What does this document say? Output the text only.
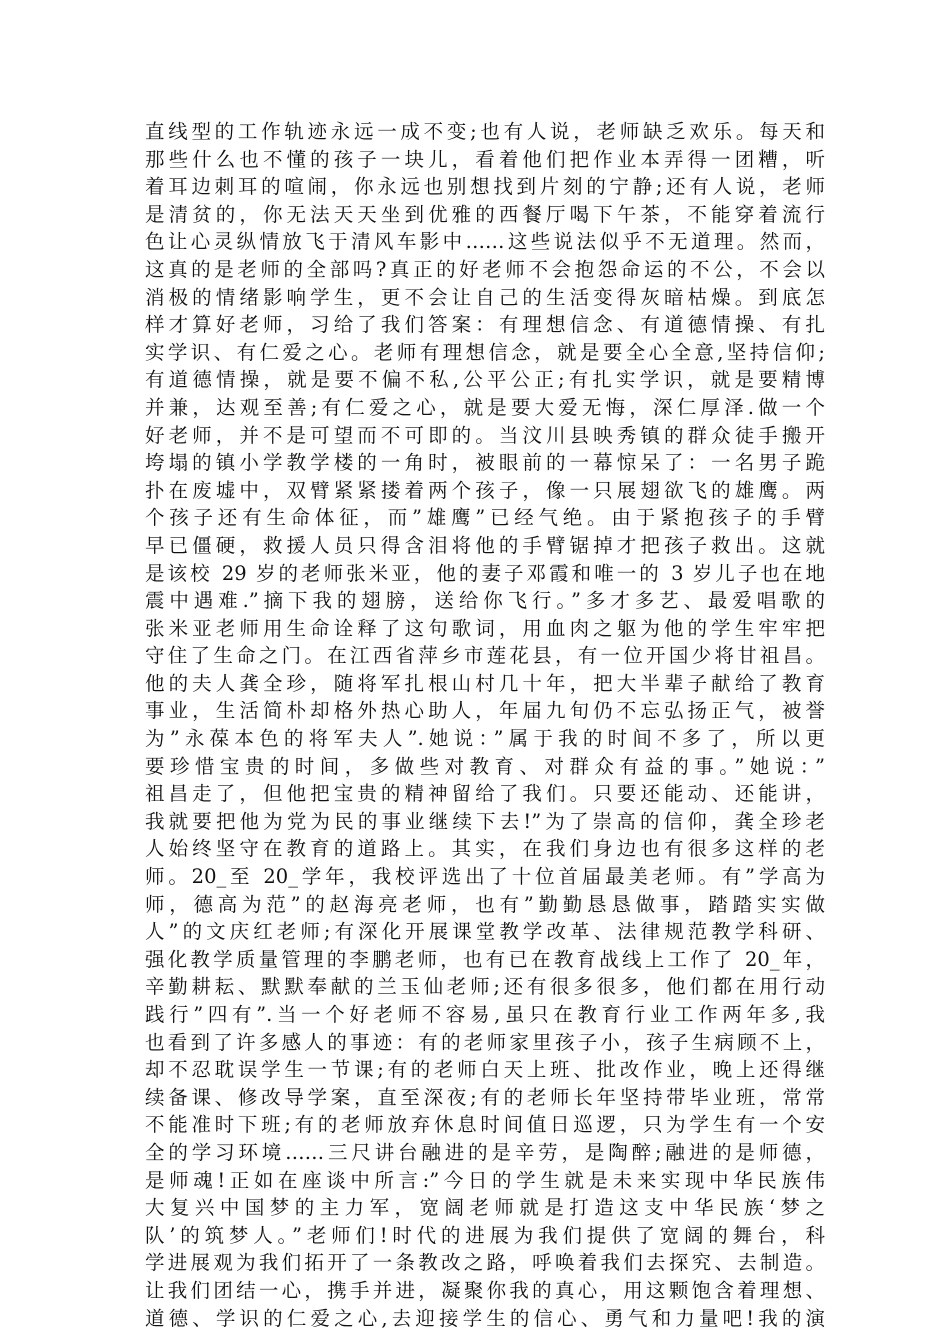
直线型的工作轨迹永远一成不变;也有人说，老师缺乏欢乐。每天和
那些什么也不懂的孩子一块儿，看着他们把作业本弄得一团糟，听
着耳边刺耳的喧闹，你永远也别想找到片刻的宁静;还有人说，老师
是清贫的，你无法天天坐到优雅的西餐厅喝下午茶，不能穿着流行
色让心灵纵情放飞于清风车影中……这些说法似乎不无道理。然而，
这真的是老师的全部吗?真正的好老师不会抱怨命运的不公，不会以
消极的情绪影响学生，更不会让自己的生活变得灰暗枯燥。到底怎
样才算好老师，习给了我们答案：有理想信念、有道德情操、有扎
实学识、有仁爱之心。老师有理想信念，就是要全心全意,坚持信仰;
有道德情操，就是要不偏不私,公平公正;有扎实学识，就是要精博
并兼，达观至善;有仁爱之心，就是要大爱无悔，深仁厚泽.做一个
好老师，并不是可望而不可即的。当汶川县映秀镇的群众徒手搬开
垮塌的镇小学教学楼的一角时，被眼前的一幕惊呆了：一名男子跪
扑在废墟中，双臂紧紧搂着两个孩子，像一只展翅欲飞的雄鹰。两
个孩子还有生命体征，而”雄鹰”已经气绝。由于紧抱孩子的手臂
早已僵硬，救援人员只得含泪将他的手臂锯掉才把孩子救出。这就
是该校 29 岁的老师张米亚，他的妻子邓霞和唯一的 3 岁儿子也在地
震中遇难.”摘下我的翅膀，送给你飞行。”多才多艺、最爱唱歌的
张米亚老师用生命诠释了这句歌词，用血肉之躯为他的学生牢牢把
守住了生命之门。在江西省萍乡市莲花县，有一位开国少将甘祖昌。
他的夫人龚全珍，随将军扎根山村几十年，把大半辈子献给了教育
事业，生活简朴却格外热心助人，年届九旬仍不忘弘扬正气，被誉
为”永葆本色的将军夫人”.她说：”属于我的时间不多了，所以更
要珍惜宝贵的时间，多做些对教育、对群众有益的事。”她说：”
祖昌走了，但他把宝贵的精神留给了我们。只要还能动、还能讲，
我就要把他为党为民的事业继续下去!”为了崇高的信仰，龚全珍老
人始终坚守在教育的道路上。其实，在我们身边也有很多这样的老
师。20_至 20_学年，我校评选出了十位首届最美老师。有”学高为
师，德高为范”的赵海亮老师，也有”勤勤恳恳做事，踏踏实实做
人”的文庆红老师;有深化开展课堂教学改革、法律规范教学科研、
强化教学质量管理的李鹏老师，也有已在教育战线上工作了 20_年，
辛勤耕耘、默默奉献的兰玉仙老师;还有很多很多，他们都在用行动
践行”四有”.当一个好老师不容易,虽只在教育行业工作两年多,我
也看到了许多感人的事迹：有的老师家里孩子小，孩子生病顾不上，
却不忍耽误学生一节课;有的老师白天上班、批改作业，晚上还得继
续备课、修改导学案，直至深夜;有的老师长年坚持带毕业班，常常
不能准时下班;有的老师放弃休息时间值日巡逻，只为学生有一个安
全的学习环境……三尺讲台融进的是辛劳，是陶醉;融进的是师德，
是师魂!正如在座谈中所言:”今日的学生就是未来实现中华民族伟
大复兴中国梦的主力军，宽阔老师就是打造这支中华民族‘梦之
队’的筑梦人。”老师们!时代的进展为我们提供了宽阔的舞台，科
学进展观为我们拓开了一条教改之路，呼唤着我们去探究、去制造。
让我们团结一心，携手并进，凝聚你我的真心，用这颗饱含着理想、
道德、学识的仁爱之心,去迎接学生的信心、勇气和力量吧!我的演
